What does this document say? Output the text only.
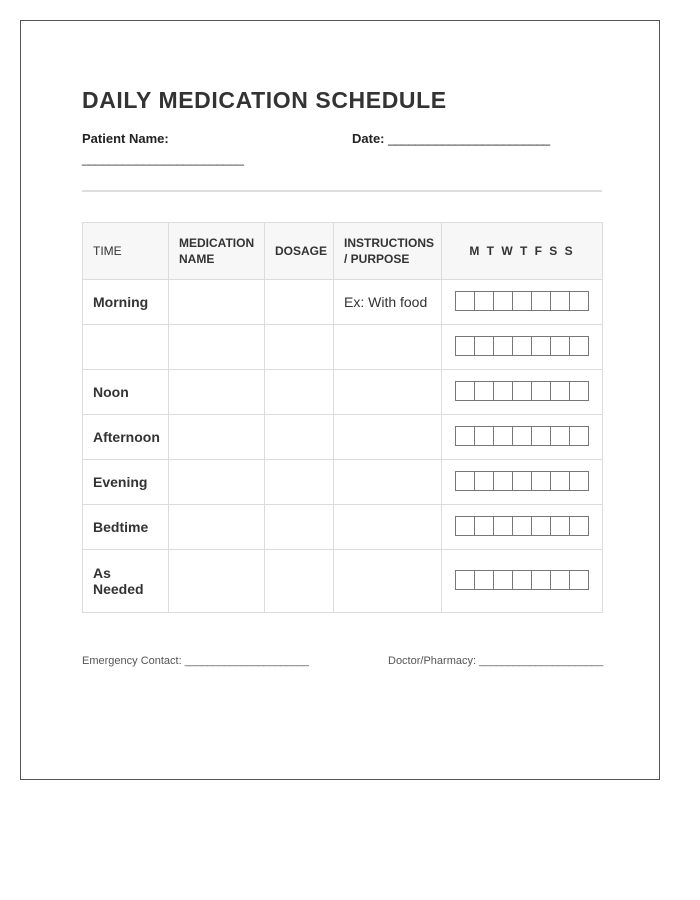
DAILY MEDICATION SCHEDULE
Patient Name:
________________________
Date: ________________________
TIME	MEDICATION NAME	DOSAGE	INSTRUCTIONS / PURPOSE	M T W T F S S
Morning			Ex: With food	

Noon				

Afternoon				

Evening				

Bedtime				

As Needed				
Emergency Contact: ______________________	Doctor/Pharmacy: ______________________
